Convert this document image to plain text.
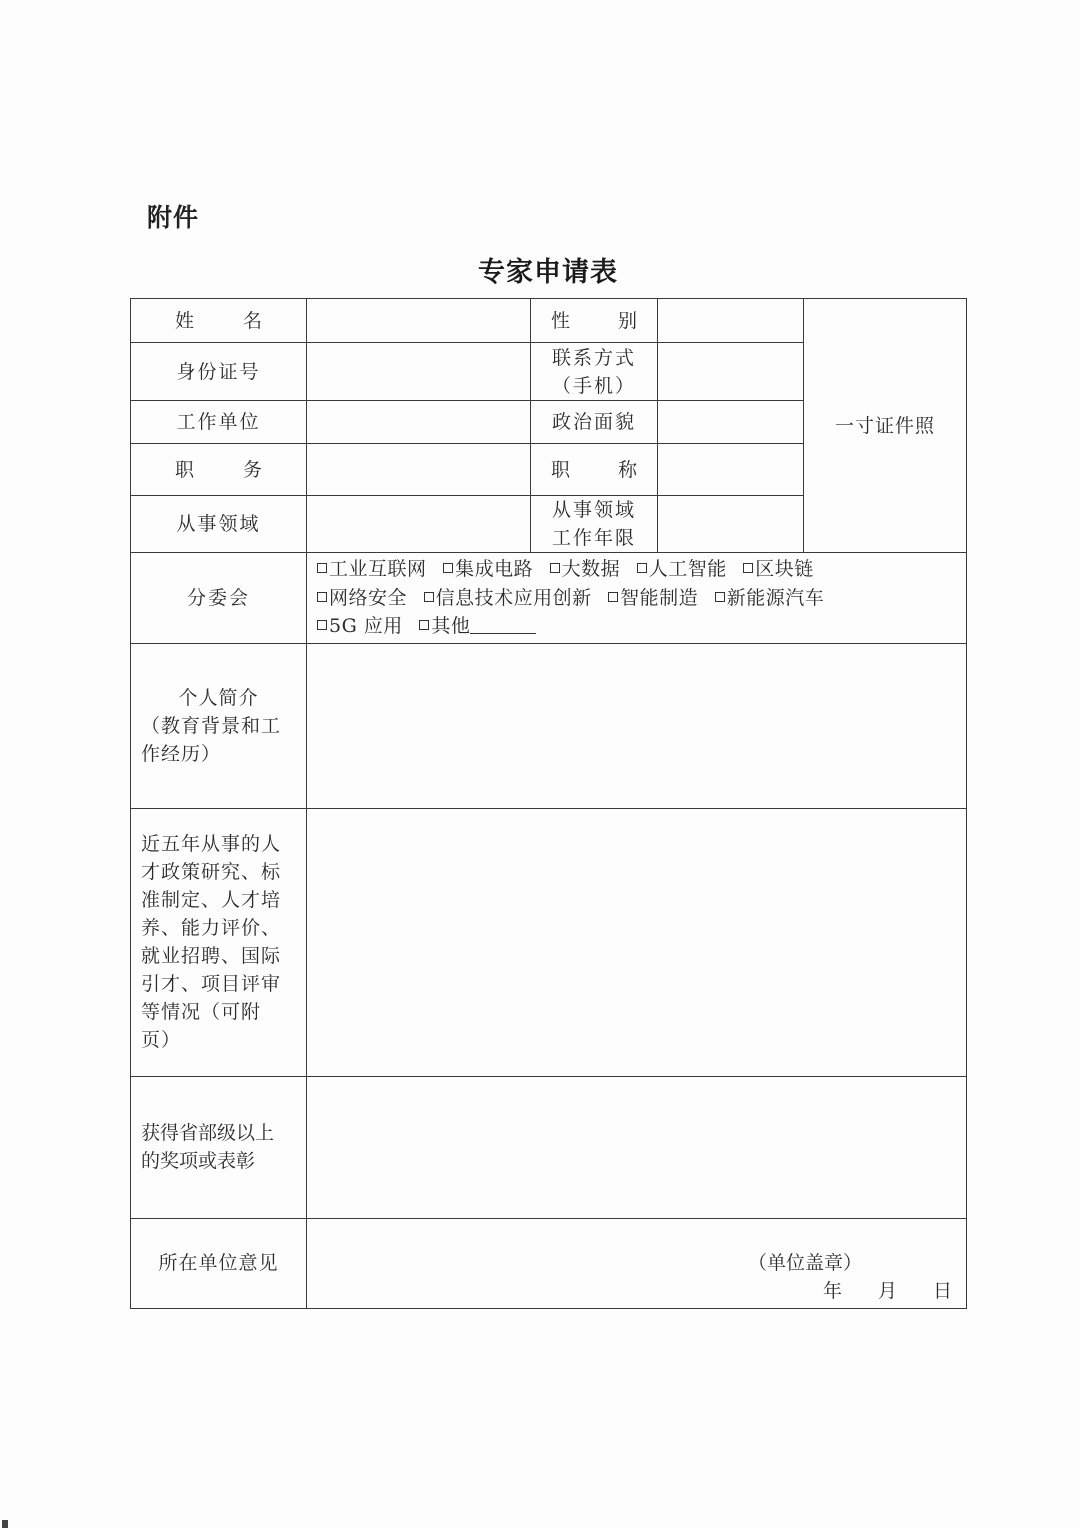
附件
专家申请表
姓 名		性 别		一寸证件照
身份证号		联系方式
（手机）		

工作单位		政治面貌		

职 务		职 称		

从事领域		从事领域
工作年限		

分委会	工业互联网 集成电路 大数据 人工智能 区块链
网络安全 信息技术应用创新 智能制造 新能源汽车
5G 应用 其他			

个人简介
（教育背景和工
作经历）				

近五年从事的人
才政策研究、标
准制定、人才培
养、能力评价、
就业招聘、国际
引才、项目评审
等情况（可附
页）

获得省部级以上
的奖项或表彰				

所在单位意见	（单位盖章）
年 月 日			
